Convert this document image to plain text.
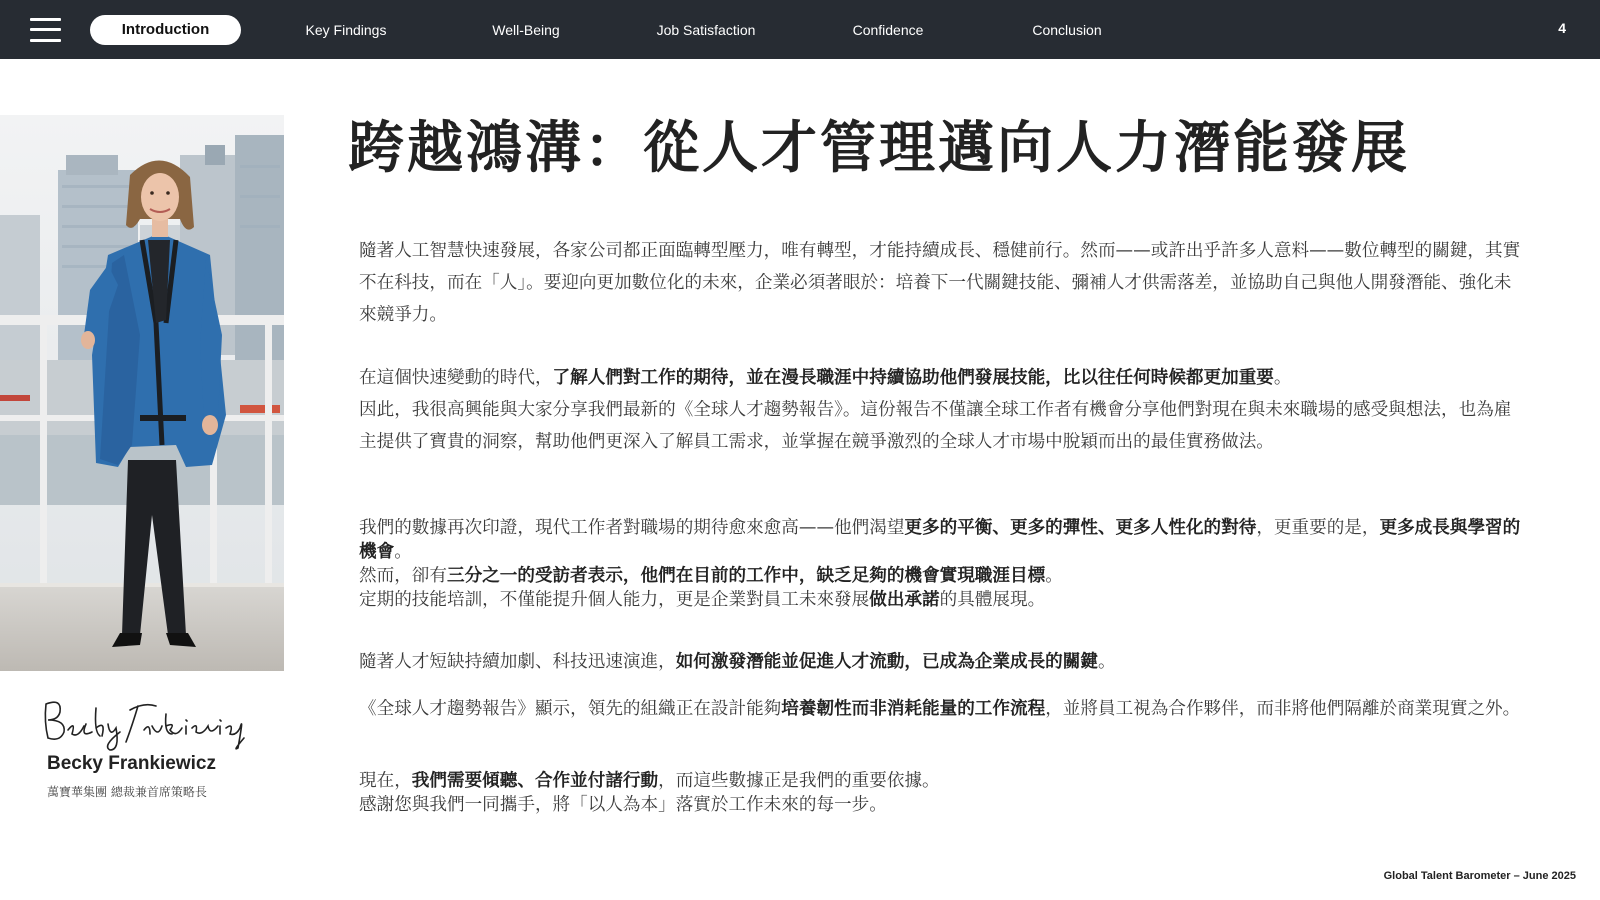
Introduction	Key Findings	Well-Being	Job Satisfaction	Confidence	Conclusion	4
Becky Frankiewicz
萬寶華集團 總裁兼首席策略長
跨越鴻溝：從人才管理邁向人力潛能發展

隨著人工智慧快速發展，各家公司都正面臨轉型壓力，唯有轉型，才能持續成長、穩健前行。然而——或許出乎許多人意料——數位轉型的關鍵，其實不在科技，而在「人」。要迎向更加數位化的未來，企業必須著眼於：培養下一代關鍵技能、彌補人才供需落差，並協助自己與他人開發潛能、強化未來競爭力。

在這個快速變動的時代，了解人們對工作的期待，並在漫長職涯中持續協助他們發展技能，比以往任何時候都更加重要。
因此，我很高興能與大家分享我們最新的《全球人才趨勢報告》。這份報告不僅讓全球工作者有機會分享他們對現在與未來職場的感受與想法，也為雇主提供了寶貴的洞察，幫助他們更深入了解員工需求，並掌握在競爭激烈的全球人才市場中脫穎而出的最佳實務做法。

我們的數據再次印證，現代工作者對職場的期待愈來愈高——他們渴望更多的平衡、更多的彈性、更多人性化的對待，更重要的是，更多成長與學習的機會。
然而，卻有三分之一的受訪者表示，他們在目前的工作中，缺乏足夠的機會實現職涯目標。
定期的技能培訓，不僅能提升個人能力，更是企業對員工未來發展做出承諾的具體展現。

隨著人才短缺持續加劇、科技迅速演進，如何激發潛能並促進人才流動，已成為企業成長的關鍵。

《全球人才趨勢報告》顯示，領先的組織正在設計能夠培養韌性而非消耗能量的工作流程，並將員工視為合作夥伴，而非將他們隔離於商業現實之外。

現在，我們需要傾聽、合作並付諸行動，而這些數據正是我們的重要依據。
感謝您與我們一同攜手，將「以人為本」落實於工作未來的每一步。

Global Talent Barometer – June 2025
